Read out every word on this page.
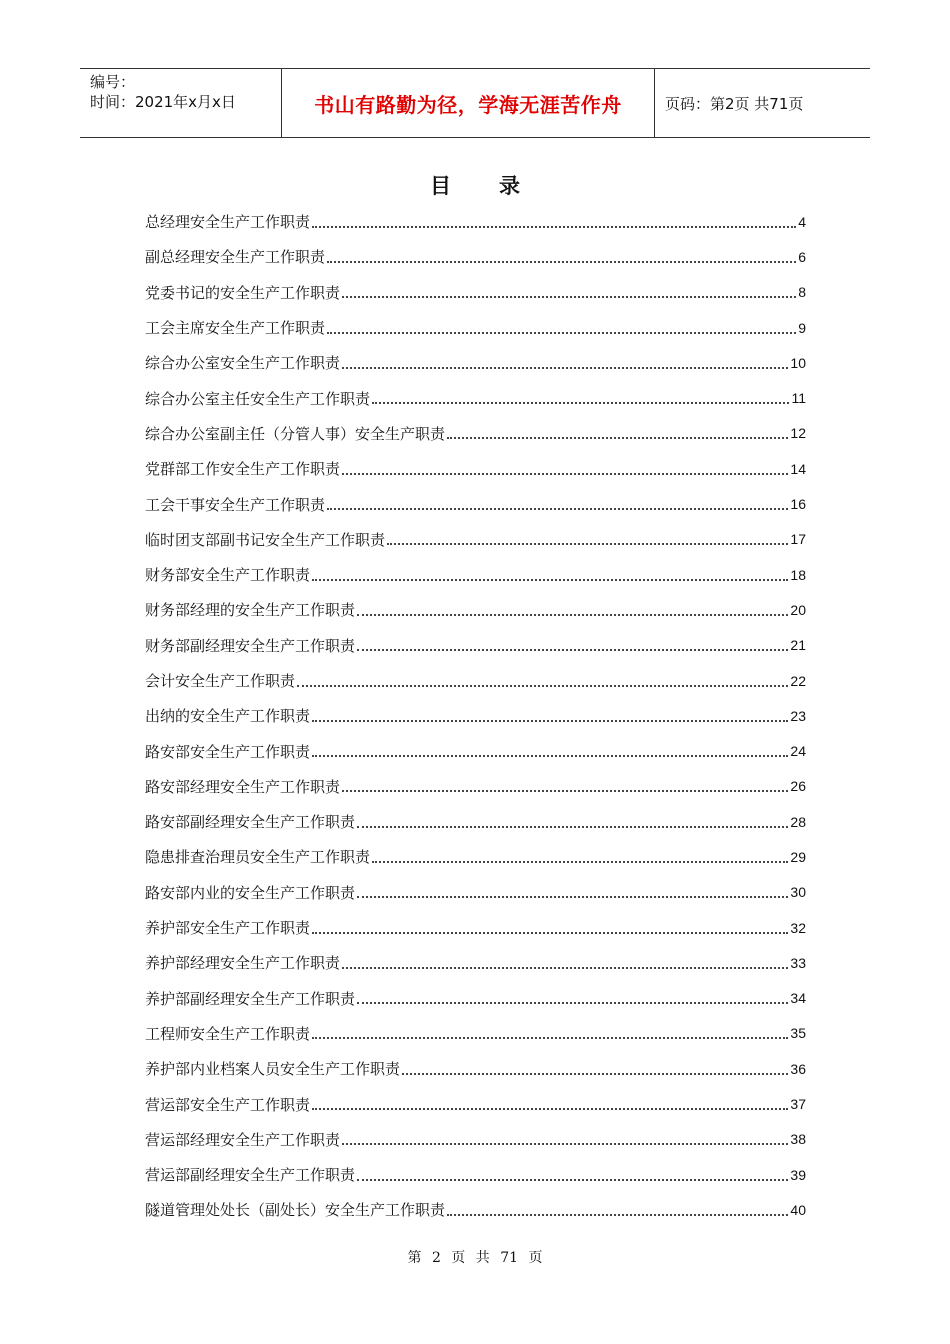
编号：
时间：2021年x月x日	书山有路勤为径，学海无涯苦作舟	页码：第2页 共71页
目录
总经理安全生产工作职责	4
副总经理安全生产工作职责	6
党委书记的安全生产工作职责	8
工会主席安全生产工作职责	9
综合办公室安全生产工作职责	10
综合办公室主任安全生产工作职责	11
综合办公室副主任（分管人事）安全生产职责	12
党群部工作安全生产工作职责	14
工会干事安全生产工作职责	16
临时团支部副书记安全生产工作职责	17
财务部安全生产工作职责	18
财务部经理的安全生产工作职责	20
财务部副经理安全生产工作职责	21
会计安全生产工作职责	22
出纳的安全生产工作职责	23
路安部安全生产工作职责	24
路安部经理安全生产工作职责	26
路安部副经理安全生产工作职责	28
隐患排查治理员安全生产工作职责	29
路安部内业的安全生产工作职责	30
养护部安全生产工作职责	32
养护部经理安全生产工作职责	33
养护部副经理安全生产工作职责	34
工程师安全生产工作职责	35
养护部内业档案人员安全生产工作职责	36
营运部安全生产工作职责	37
营运部经理安全生产工作职责	38
营运部副经理安全生产工作职责	39
隧道管理处处长（副处长）安全生产工作职责	40
第 2 页 共 71 页
